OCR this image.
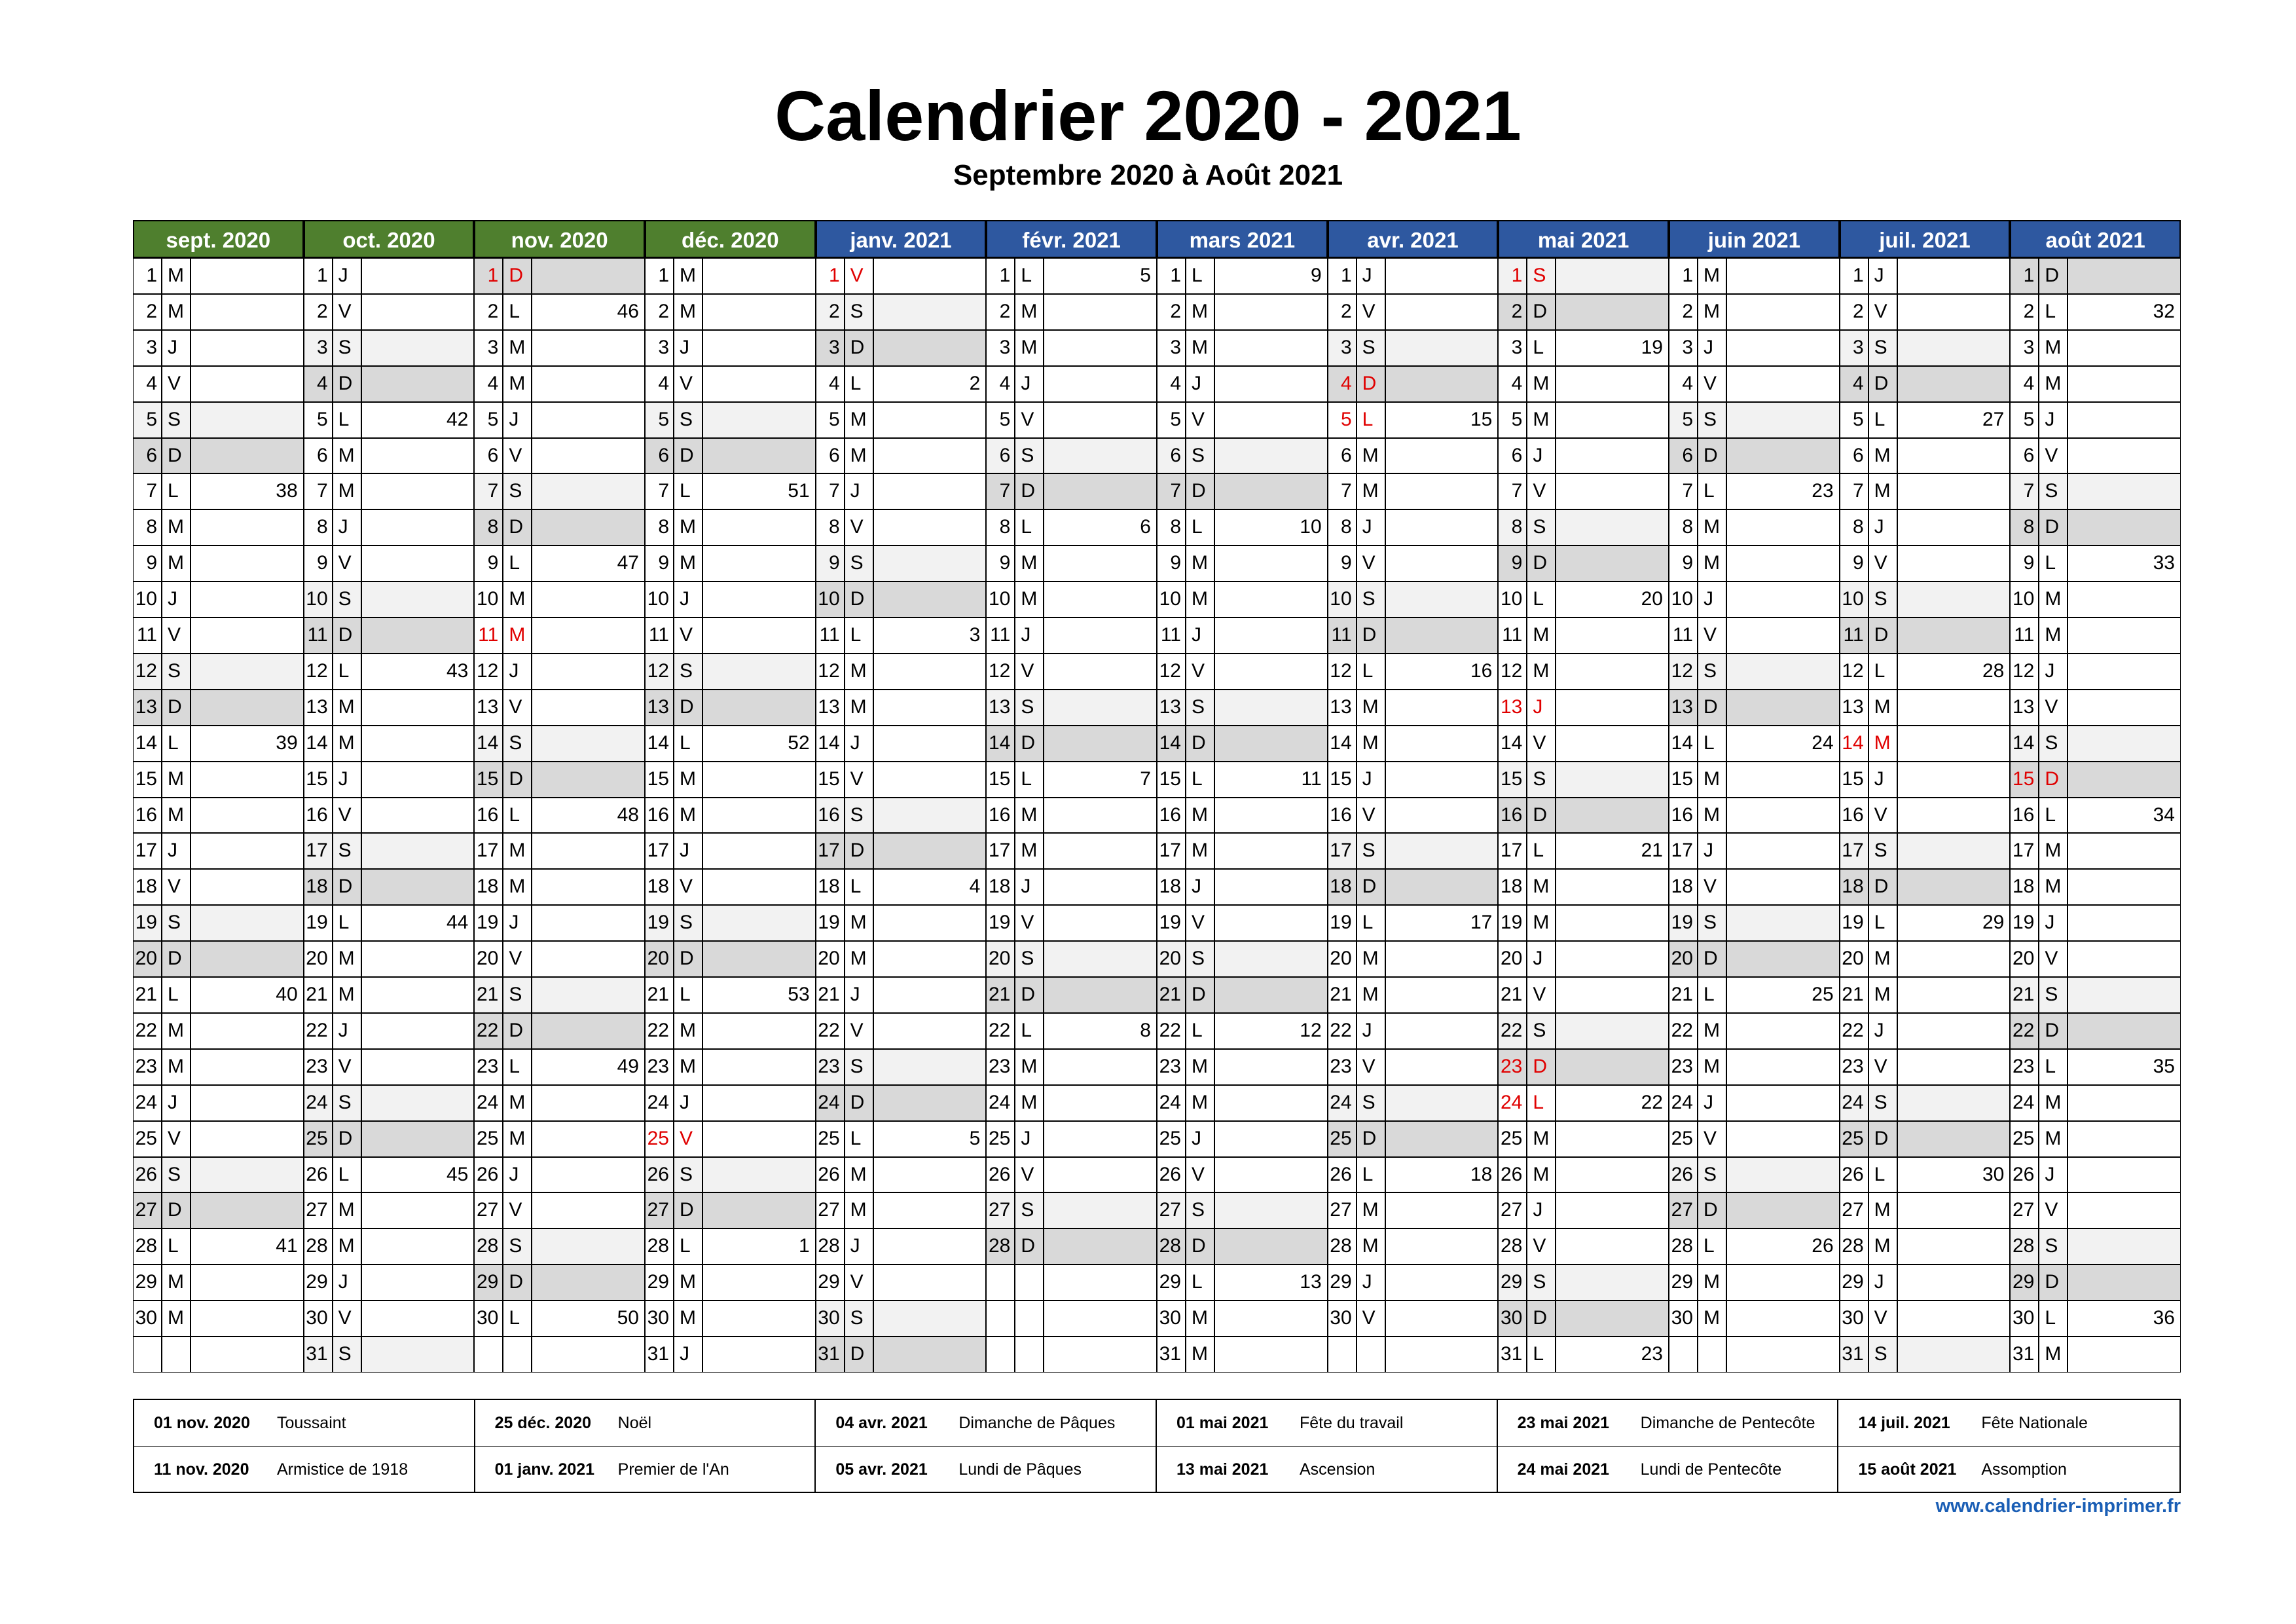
Calendrier 2020 - 2021
Septembre 2020 à Août 2021
sept. 2020
1 M
2 M
3 J
4 V
5 S
6 D
7 L	38
8 M
9 M
10 J
11 V
12 S
13 D
14 L	39
15 M
16 M
17 J
18 V
19 S
20 D
21 L	40
22 M
23 M
24 J
25 V
26 S
27 D
28 L	41
29 M
30 M
oct. 2020
1 J
2 V
3 S
4 D
5 L	42
6 M
7 M
8 J
9 V
10 S
11 D
12 L	43
13 M
14 M
15 J
16 V
17 S
18 D
19 L	44
20 M
21 M
22 J
23 V
24 S
25 D
26 L	45
27 M
28 M
29 J
30 V
31 S
nov. 2020
1 D
2 L	46
3 M
4 M
5 J
6 V
7 S
8 D
9 L	47
10 M
11 M
12 J
13 V
14 S
15 D
16 L	48
17 M
18 M
19 J
20 V
21 S
22 D
23 L	49
24 M
25 M
26 J
27 V
28 S
29 D
30 L	50
déc. 2020
1 M
2 M
3 J
4 V
5 S
6 D
7 L	51
8 M
9 M
10 J
11 V
12 S
13 D
14 L	52
15 M
16 M
17 J
18 V
19 S
20 D
21 L	53
22 M
23 M
24 J
25 V
26 S
27 D
28 L	1
29 M
30 M
31 J
janv. 2021
1 V
2 S
3 D
4 L	2
5 M
6 M
7 J
8 V
9 S
10 D
11 L	3
12 M
13 M
14 J
15 V
16 S
17 D
18 L	4
19 M
20 M
21 J
22 V
23 S
24 D
25 L	5
26 M
27 M
28 J
29 V
30 S
31 D
févr. 2021
1 L	5
2 M
3 M
4 J
5 V
6 S
7 D
8 L	6
9 M
10 M
11 J
12 V
13 S
14 D
15 L	7
16 M
17 M
18 J
19 V
20 S
21 D
22 L	8
23 M
24 M
25 J
26 V
27 S
28 D
mars 2021
1 L	9
2 M
3 M
4 J
5 V
6 S
7 D
8 L	10
9 M
10 M
11 J
12 V
13 S
14 D
15 L	11
16 M
17 M
18 J
19 V
20 S
21 D
22 L	12
23 M
24 M
25 J
26 V
27 S
28 D
29 L	13
30 M
31 M
avr. 2021
1 J
2 V
3 S
4 D
5 L	15
6 M
7 M
8 J
9 V
10 S
11 D
12 L	16
13 M
14 M
15 J
16 V
17 S
18 D
19 L	17
20 M
21 M
22 J
23 V
24 S
25 D
26 L	18
27 M
28 M
29 J
30 V
mai 2021
1 S
2 D
3 L	19
4 M
5 M
6 J
7 V
8 S
9 D
10 L	20
11 M
12 M
13 J
14 V
15 S
16 D
17 L	21
18 M
19 M
20 J
21 V
22 S
23 D
24 L	22
25 M
26 M
27 J
28 V
29 S
30 D
31 L	23
juin 2021
1 M
2 M
3 J
4 V
5 S
6 D
7 L	23
8 M
9 M
10 J
11 V
12 S
13 D
14 L	24
15 M
16 M
17 J
18 V
19 S
20 D
21 L	25
22 M
23 M
24 J
25 V
26 S
27 D
28 L	26
29 M
30 M
juil. 2021
1 J
2 V
3 S
4 D
5 L	27
6 M
7 M
8 J
9 V
10 S
11 D
12 L	28
13 M
14 M
15 J
16 V
17 S
18 D
19 L	29
20 M
21 M
22 J
23 V
24 S
25 D
26 L	30
27 M
28 M
29 J
30 V
31 S
août 2021
1 D
2 L	32
3 M
4 M
5 J
6 V
7 S
8 D
9 L	33
10 M
11 M
12 J
13 V
14 S
15 D
16 L	34
17 M
18 M
19 J
20 V
21 S
22 D
23 L	35
24 M
25 M
26 J
27 V
28 S
29 D
30 L	36
31 M
01 nov. 2020 Toussaint
11 nov. 2020 Armistice de 1918
25 déc. 2020 Noël
01 janv. 2021 Premier de l'An
04 avr. 2021 Dimanche de Pâques
05 avr. 2021 Lundi de Pâques
01 mai 2021 Fête du travail
13 mai 2021 Ascension
23 mai 2021 Dimanche de Pentecôte
24 mai 2021 Lundi de Pentecôte
14 juil. 2021 Fête Nationale
15 août 2021 Assomption
www.calendrier-imprimer.fr
